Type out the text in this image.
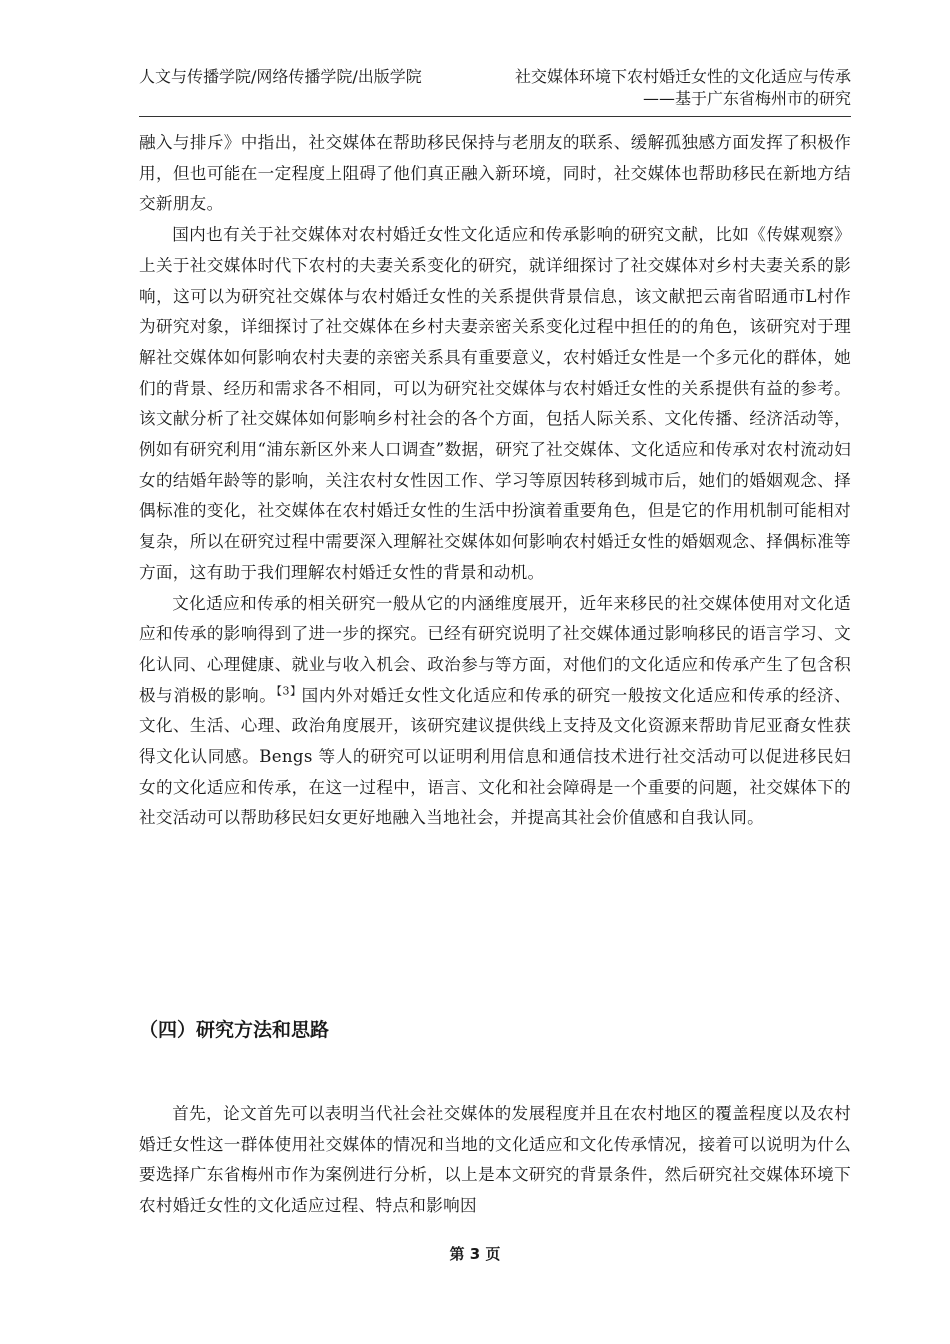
人文与传播学院/网络传播学院/出版学院	社交媒体环境下农村婚迁女性的文化适应与传承
——基于广东省梅州市的研究

融入与排斥》中指出，社交媒体在帮助移民保持与老朋友的联系、缓解孤独感方面发挥了积极作用，但也可能在一定程度上阻碍了他们真正融入新环境，同时，社交媒体也帮助移民在新地方结交新朋友。

国内也有关于社交媒体对农村婚迁女性文化适应和传承影响的研究文献，比如《传媒观察》上关于社交媒体时代下农村的夫妻关系变化的研究，就详细探讨了社交媒体对乡村夫妻关系的影响，这可以为研究社交媒体与农村婚迁女性的关系提供背景信息，该文献把云南省昭通市L村作为研究对象，详细探讨了社交媒体在乡村夫妻亲密关系变化过程中担任的的角色，该研究对于理解社交媒体如何影响农村夫妻的亲密关系具有重要意义，农村婚迁女性是一个多元化的群体，她们的背景、经历和需求各不相同，可以为研究社交媒体与农村婚迁女性的关系提供有益的参考。该文献分析了社交媒体如何影响乡村社会的各个方面，包括人际关系、文化传播、经济活动等，例如有研究利用“浦东新区外来人口调查”数据，研究了社交媒体、文化适应和传承对农村流动妇女的结婚年龄等的影响，关注农村女性因工作、学习等原因转移到城市后，她们的婚姻观念、择偶标准的变化，社交媒体在农村婚迁女性的生活中扮演着重要角色，但是它的作用机制可能相对复杂，所以在研究过程中需要深入理解社交媒体如何影响农村婚迁女性的婚姻观念、择偶标准等方面，这有助于我们理解农村婚迁女性的背景和动机。

文化适应和传承的相关研究一般从它的内涵维度展开，近年来移民的社交媒体使用对文化适应和传承的影响得到了进一步的探究。已经有研究说明了社交媒体通过影响移民的语言学习、文化认同、心理健康、就业与收入机会、政治参与等方面，对他们的文化适应和传承产生了包含积极与消极的影响。$^{【3】}$国内外对婚迁女性文化适应和传承的研究一般按文化适应和传承的经济、文化、生活、心理、政治角度展开，该研究建议提供线上支持及文化资源来帮助肯尼亚裔女性获得文化认同感。Bengs 等人的研究可以证明利用信息和通信技术进行社交活动可以促进移民妇女的文化适应和传承，在这一过程中，语言、文化和社会障碍是一个重要的问题，社交媒体下的社交活动可以帮助移民妇女更好地融入当地社会，并提高其社会价值感和自我认同。

（四）研究方法和思路

首先，论文首先可以表明当代社会社交媒体的发展程度并且在农村地区的覆盖程度以及农村婚迁女性这一群体使用社交媒体的情况和当地的文化适应和文化传承情况，接着可以说明为什么要选择广东省梅州市作为案例进行分析，以上是本文研究的背景条件，然后研究社交媒体环境下农村婚迁女性的文化适应过程、特点和影响因

第 3 页
